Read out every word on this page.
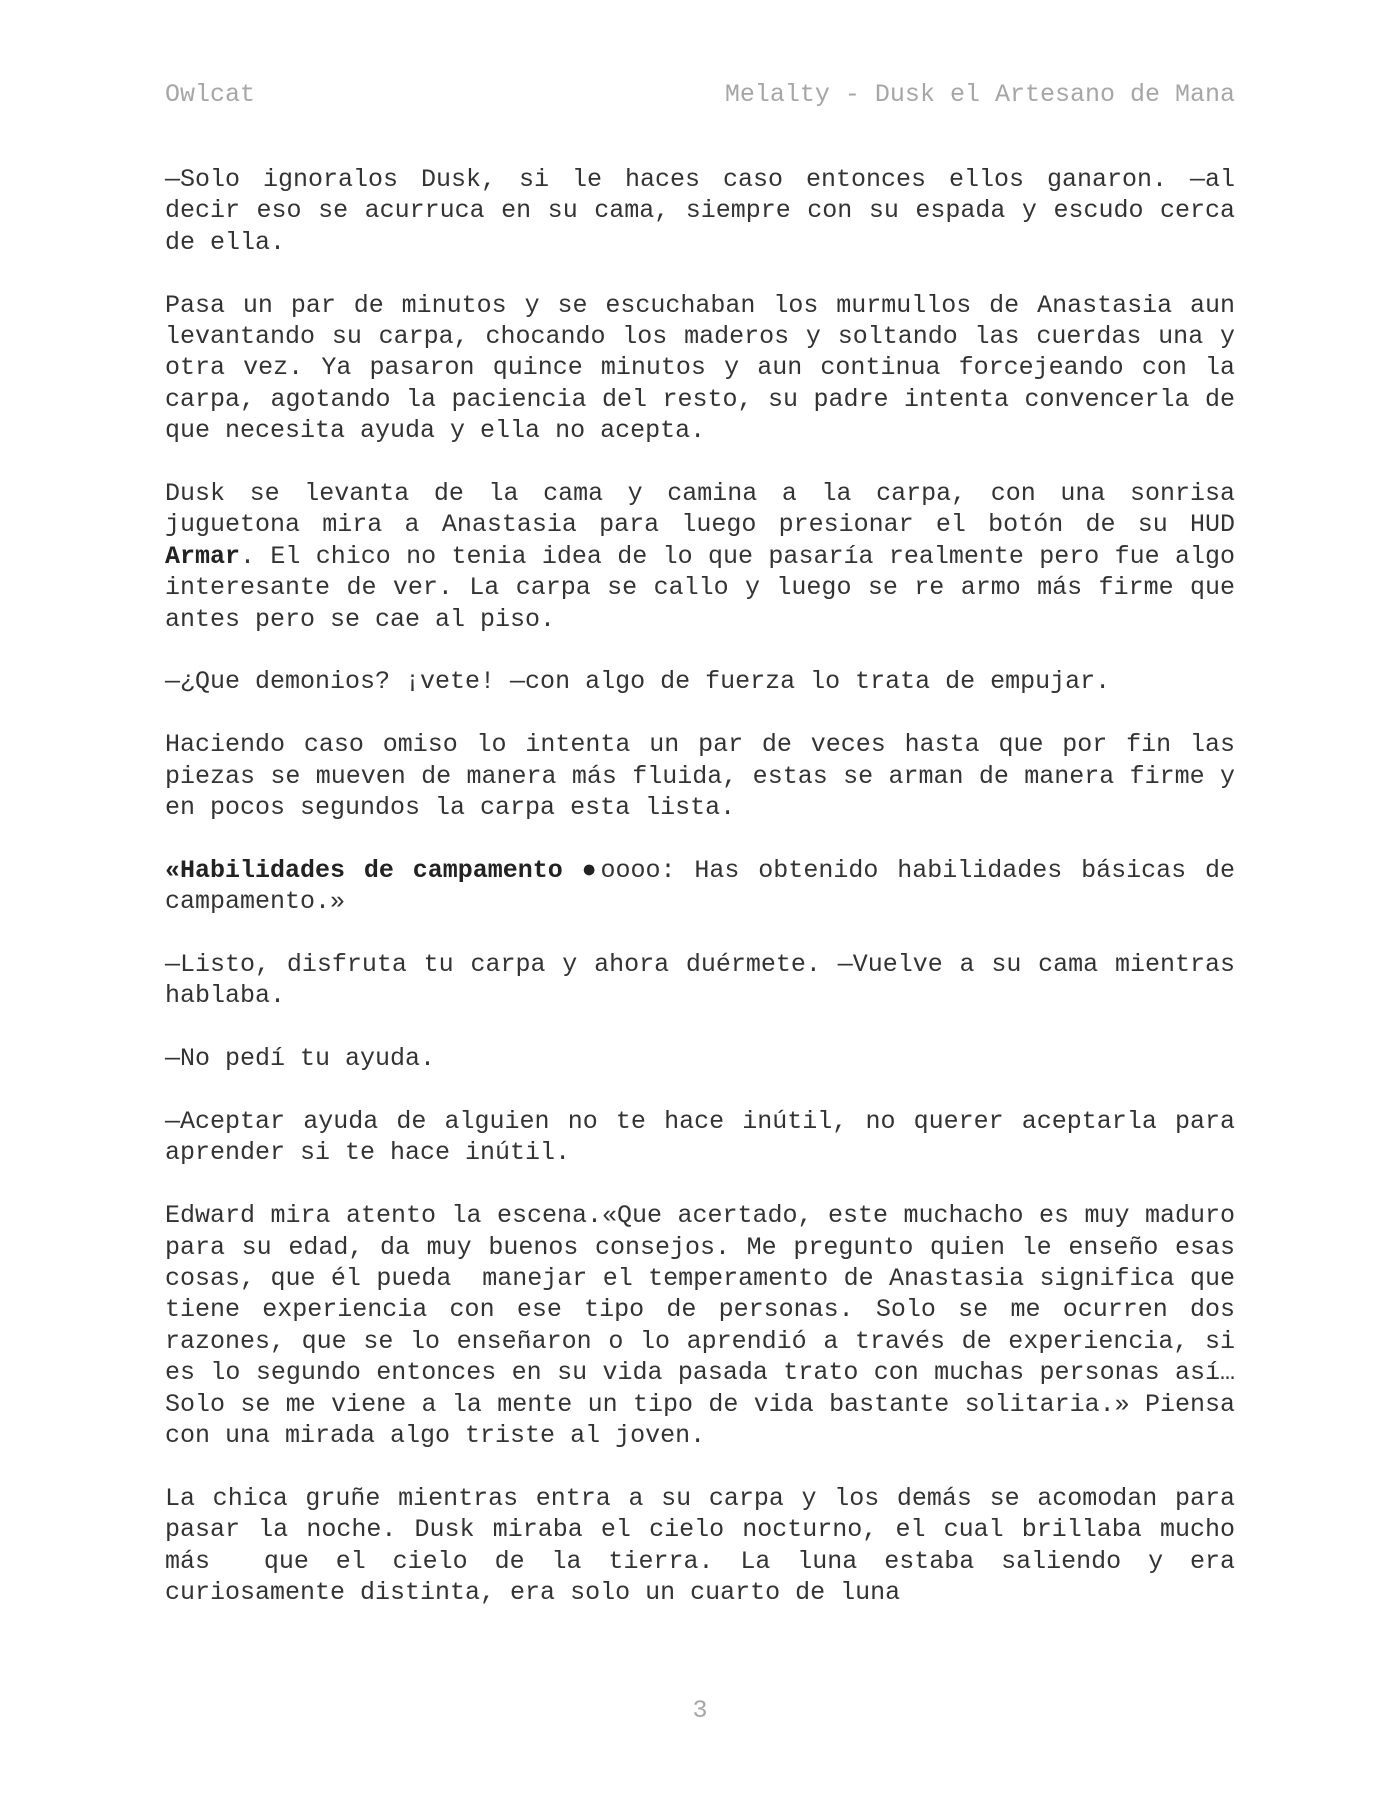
Owlcat	Melalty - Dusk el Artesano de Mana

—Solo ignoralos Dusk, si le haces caso entonces ellos ganaron. —al decir eso se acurruca en su cama, siempre con su espada y escudo cerca de ella.

Pasa un par de minutos y se escuchaban los murmullos de Anastasia aun levantando su carpa, chocando los maderos y soltando las cuerdas una y otra vez. Ya pasaron quince minutos y aun continua forcejeando con la carpa, agotando la paciencia del resto, su padre intenta convencerla de que necesita ayuda y ella no acepta.

Dusk se levanta de la cama y camina a la carpa, con una sonrisa juguetona mira a Anastasia para luego presionar el botón de su HUD Armar. El chico no tenia idea de lo que pasaría realmente pero fue algo interesante de ver. La carpa se callo y luego se re armo más firme que antes pero se cae al piso.

—¿Que demonios? ¡vete! —con algo de fuerza lo trata de empujar.

Haciendo caso omiso lo intenta un par de veces hasta que por fin las piezas se mueven de manera más fluida, estas se arman de manera firme y en pocos segundos la carpa esta lista.

«Habilidades de campamento ●oooo: Has obtenido habilidades básicas de campamento.»

—Listo, disfruta tu carpa y ahora duérmete. —Vuelve a su cama mientras hablaba.

—No pedí tu ayuda.

—Aceptar ayuda de alguien no te hace inútil, no querer aceptarla para aprender si te hace inútil.

Edward mira atento la escena.«Que acertado, este muchacho es muy maduro para su edad, da muy buenos consejos. Me pregunto quien le enseño esas cosas, que él pueda  manejar el temperamento de Anastasia significa que tiene experiencia con ese tipo de personas. Solo se me ocurren dos razones, que se lo enseñaron o lo aprendió a través de experiencia, si es lo segundo entonces en su vida pasada trato con muchas personas así… Solo se me viene a la mente un tipo de vida bastante solitaria.» Piensa con una mirada algo triste al joven.

La chica gruñe mientras entra a su carpa y los demás se acomodan para pasar la noche. Dusk miraba el cielo nocturno, el cual brillaba mucho más  que el cielo de la tierra. La luna estaba saliendo y era curiosamente distinta, era solo un cuarto de luna

3
